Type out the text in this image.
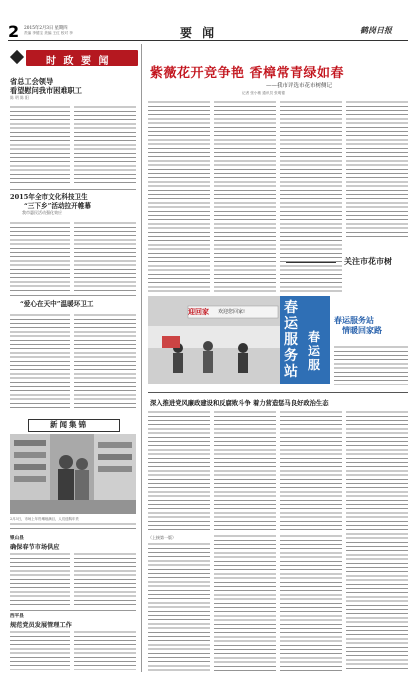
2 2015年2月3日 星期四
责编 李德宝 美编 王红 校对 李	要 闻	鹤岗日报
时 政 要 闻
省总工会领导
看望慰问我市困难职工
陈 明 陈 阳
2015年全市文化科技卫生
“三下乡”活动拉开帷幕
我市惠民活动强化效应
“爱心在天中”温暖环卫工
新闻集锦
2月3日，市场上年货琳琅满目，人们选购年货
银山县
确保春节市场供应
西平县
规范党员发展管理工作
紫薇花开竞争艳 香樟常青绿如春
——我市评选市花市树侧记
记者 张小敏 通讯员 张明德
关注市花市树
迎回家 欢迎您回家!	春运服务站
春运服
春运服务站
情暖回家路
深入推进党风廉政建设和反腐败斗争 着力营造惩马良好政治生态
（上接第一版）
